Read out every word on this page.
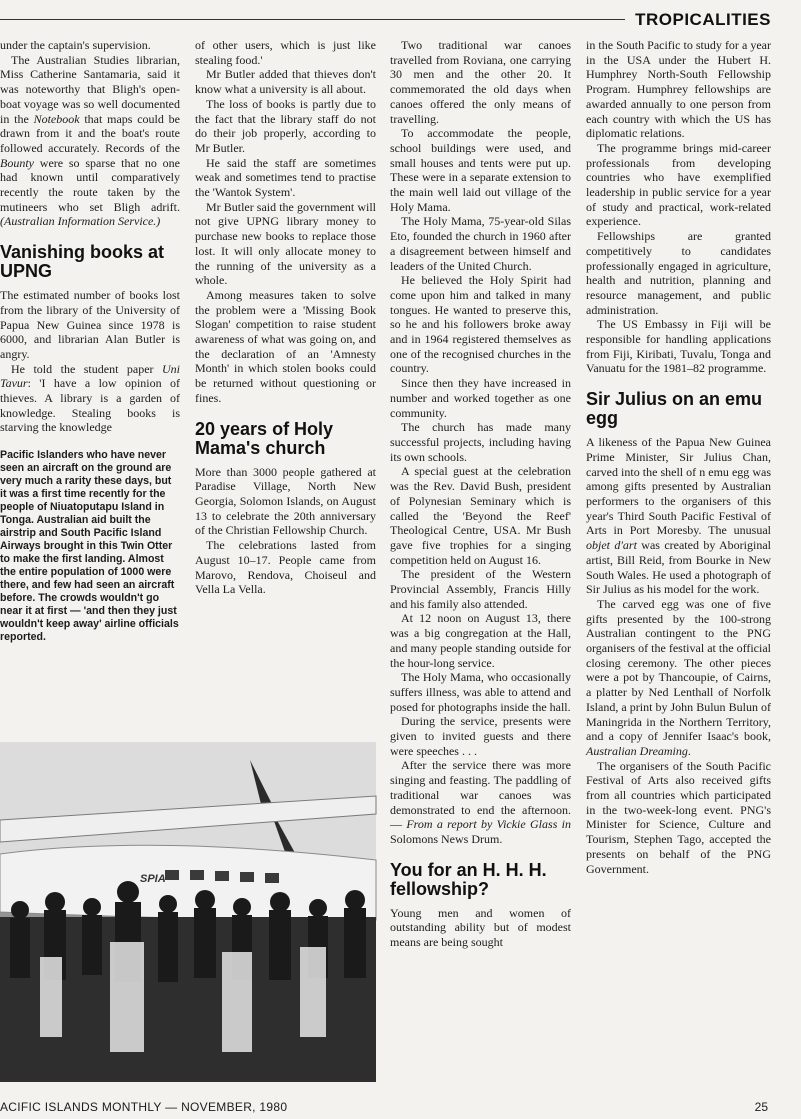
TROPICALITIES

under the captain's supervision.

The Australian Studies librarian, Miss Catherine Santamaria, said it was noteworthy that Bligh's open-boat voyage was so well documented in the Notebook that maps could be drawn from it and the boat's route followed accurately. Records of the Bounty were so sparse that no one had known until comparatively recently the route taken by the mutineers who set Bligh adrift. (Australian Information Service.)

Vanishing books at UPNG

The estimated number of books lost from the library of the University of Papua New Guinea since 1978 is 6000, and librarian Alan Butler is angry.

He told the student paper Uni Tavur: 'I have a low opinion of thieves. A library is a garden of knowledge. Stealing books is starving the knowledge

Pacific Islanders who have never seen an aircraft on the ground are very much a rarity these days, but it was a first time recently for the people of Niuatoputapu Island in Tonga. Australian aid built the airstrip and South Pacific Island Airways brought in this Twin Otter to make the first landing. Almost the entire population of 1000 were there, and few had seen an aircraft before. The crowds wouldn't go near it at first — 'and then they just wouldn't keep away' airline officials reported.

of other users, which is just like stealing food.'

Mr Butler added that thieves don't know what a university is all about.

The loss of books is partly due to the fact that the library staff do not do their job properly, according to Mr Butler.

He said the staff are sometimes weak and sometimes tend to practise the 'Wantok System'.

Mr Butler said the government will not give UPNG library money to purchase new books to replace those lost. It will only allocate money to the running of the university as a whole.

Among measures taken to solve the problem were a 'Missing Book Slogan' competition to raise student awareness of what was going on, and the declaration of an 'Amnesty Month' in which stolen books could be returned without questioning or fines.

20 years of Holy Mama's church

More than 3000 people gathered at Paradise Village, North New Georgia, Solomon Islands, on August 13 to celebrate the 20th anniversary of the Christian Fellowship Church.

The celebrations lasted from August 10–17. People came from Marovo, Rendova, Choiseul and Vella La Vella.

SPIA

Two traditional war canoes travelled from Roviana, one carrying 30 men and the other 20. It commemorated the old days when canoes offered the only means of travelling.

To accommodate the people, school buildings were used, and small houses and tents were put up. These were in a separate extension to the main well laid out village of the Holy Mama.

The Holy Mama, 75-year-old Silas Eto, founded the church in 1960 after a disagreement between himself and leaders of the United Church.

He believed the Holy Spirit had come upon him and talked in many tongues. He wanted to preserve this, so he and his followers broke away and in 1964 registered themselves as one of the recognised churches in the country.

Since then they have increased in number and worked together as one community.

The church has made many successful projects, including having its own schools.

A special guest at the celebration was the Rev. David Bush, president of Polynesian Seminary which is called the 'Beyond the Reef' Theological Centre, USA. Mr Bush gave five trophies for a singing competition held on August 16.

The president of the Western Provincial Assembly, Francis Hilly and his family also attended.

At 12 noon on August 13, there was a big congregation at the Hall, and many people standing outside for the hour-long service.

The Holy Mama, who occasionally suffers illness, was able to attend and posed for photographs inside the hall.

During the service, presents were given to invited guests and there were speeches . . .

After the service there was more singing and feasting. The paddling of traditional war canoes was demonstrated to end the afternoon. — From a report by Vickie Glass in Solomons News Drum.

You for an H. H. H. fellowship?

Young men and women of outstanding ability but of modest means are being sought

in the South Pacific to study for a year in the USA under the Hubert H. Humphrey North-South Fellowship Program. Humphrey fellowships are awarded annually to one person from each country with which the US has diplomatic relations.

The programme brings mid-career professionals from developing countries who have exemplified leadership in public service for a year of study and practical, work-related experience.

Fellowships are granted competitively to candidates professionally engaged in agriculture, health and nutrition, planning and resource management, and public administration.

The US Embassy in Fiji will be responsible for handling applications from Fiji, Kiribati, Tuvalu, Tonga and Vanuatu for the 1981–82 programme.

Sir Julius on an emu egg

A likeness of the Papua New Guinea Prime Minister, Sir Julius Chan, carved into the shell of n emu egg was among gifts presented by Australian performers to the organisers of this year's Third South Pacific Festival of Arts in Port Moresby. The unusual objet d'art was created by Aboriginal artist, Bill Reid, from Bourke in New South Wales. He used a photograph of Sir Julius as his model for the work.

The carved egg was one of five gifts presented by the 100-strong Australian contingent to the PNG organisers of the festival at the official closing ceremony. The other pieces were a pot by Thancoupie, of Cairns, a platter by Ned Lenthall of Norfolk Island, a print by John Bulun Bulun of Maningrida in the Northern Territory, and a copy of Jennifer Isaac's book, Australian Dreaming.

The organisers of the South Pacific Festival of Arts also received gifts from all countries which participated in the two-week-long event. PNG's Minister for Science, Culture and Tourism, Stephen Tago, accepted the presents on behalf of the PNG Government.

ACIFIC ISLANDS MONTHLY — NOVEMBER, 1980	25
